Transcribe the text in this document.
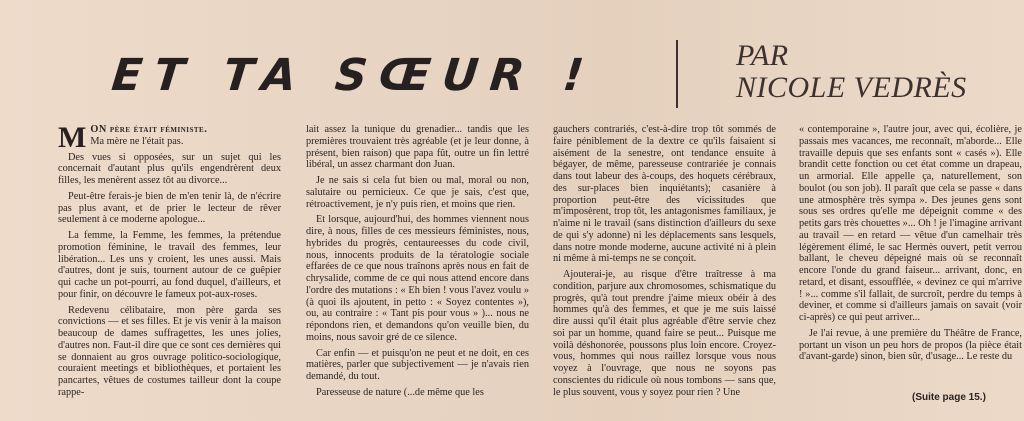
ET TA SŒUR !	PAR
NICOLE VEDRÈS

MON père était féministe.
Ma mère ne l'était pas.

Des vues si opposées, sur un sujet qui les concernait d'autant plus qu'ils engendrèrent deux filles, les menèrent assez tôt au divorce...

Peut-être ferais-je bien de m'en tenir là, de n'écrire pas plus avant, et de prier le lecteur de rêver seulement à ce moderne apologue...

La femme, la Femme, les femmes, la prétendue promotion féminine, le travail des femmes, leur libération... Les uns y croient, les unes aussi. Mais d'autres, dont je suis, tournent autour de ce guêpier qui cache un pot-pourri, au fond duquel, d'ailleurs, et pour finir, on découvre le fameux pot-aux-roses.

Redevenu célibataire, mon père garda ses convictions — et ses filles. Et je vis venir à la maison beaucoup de dames suffragettes, les unes jolies, d'autres non. Faut-il dire que ce sont ces dernières qui se donnaient au gros ouvrage politico-sociologique, couraient meetings et bibliothèques, et portaient les pancartes, vêtues de costumes tailleur dont la coupe rappe-

lait assez la tunique du grenadier... tandis que les premières trouvaient très agréable (et je leur donne, à présent, bien raison) que papa fût, outre un fin lettré libéral, un assez charmant don Juan.

Je ne sais si cela fut bien ou mal, moral ou non, salutaire ou pernicieux. Ce que je sais, c'est que, rétroactivement, je n'y puis rien, et moins que rien.

Et lorsque, aujourd'hui, des hommes viennent nous dire, à nous, filles de ces messieurs féministes, nous, hybrides du progrès, centaureesses du code civil, nous, innocents produits de la tératologie sociale effarées de ce que nous traînons après nous en fait de chrysalide, comme de ce qui nous attend encore dans l'ordre des mutations : « Eh bien ! vous l'avez voulu » (à quoi ils ajoutent, in petto : « Soyez contentes »), ou, au contraire : « Tant pis pour vous » )... nous ne répondons rien, et demandons qu'on veuille bien, du moins, nous savoir gré de ce silence.

Car enfin — et puisqu'on ne peut et ne doit, en ces matières, parler que subjectivement — je n'avais rien demandé, du tout.

Paresseuse de nature (...de même que les

gauchers contrariés, c'est-à-dire trop tôt sommés de faire péniblement de la dextre ce qu'ils faisaient si aisément de la senestre, ont tendance ensuite à bégayer, de même, paresseuse contrariée je connais dans tout labeur des à-coups, des hoquets cérébraux, des sur-places bien inquiétants); casanière à proportion peut-être des vicissitudes que m'imposèrent, trop tôt, les antagonismes familiaux, je n'aime ni le travail (sans distinction d'ailleurs du sexe de qui s'y adonne) ni les déplacements sans lesquels, dans notre monde moderne, aucune activité ni à plein ni même à mi-temps ne se conçoit.

Ajouterai-je, au risque d'être traîtresse à ma condition, parjure aux chromosomes, schismatique du progrès, qu'à tout prendre j'aime mieux obéir à des hommes qu'à des femmes, et que je me suis laissé dire aussi qu'il était plus agréable d'être servie chez soi par un homme, quand faire se peut... Puisque me voilà déshonorée, poussons plus loin encore. Croyez-vous, hommes qui nous raillez lorsque vous nous voyez à l'ouvrage, que nous ne soyons pas conscientes du ridicule où nous tombons — sans que, le plus souvent, vous y soyez pour rien ? Une

« contemporaine », l'autre jour, avec qui, écolière, je passais mes vacances, me reconnaît, m'aborde... Elle travaille depuis que ses enfants sont « casés »). Elle brandit cette fonction ou cet état comme un drapeau, un armorial. Elle appelle ça, naturellement, son boulot (ou son job). Il paraît que cela se passe « dans une atmosphère très sympa ». Des jeunes gens sont sous ses ordres qu'elle me dépeignit comme « des petits gars très chouettes »... Oh ! je l'imagine arrivant au travail — en retard — vêtue d'un camelhair très légèrement élimé, le sac Hermès ouvert, petit verrou ballant, le cheveu dépeigné mais où se reconnaît encore l'onde du grand faiseur... arrivant, donc, en retard, et disant, essoufflée, « devinez ce qui m'arrive ! »... comme s'il fallait, de surcroît, perdre du temps à deviner, et comme si d'ailleurs jamais on savait (voir ci-après) ce qui peut arriver...

Je l'ai revue, à une première du Théâtre de France, portant un vison un peu hors de propos (la pièce était d'avant-garde) sinon, bien sûr, d'usage... Le reste du

(Suite page 15.)
